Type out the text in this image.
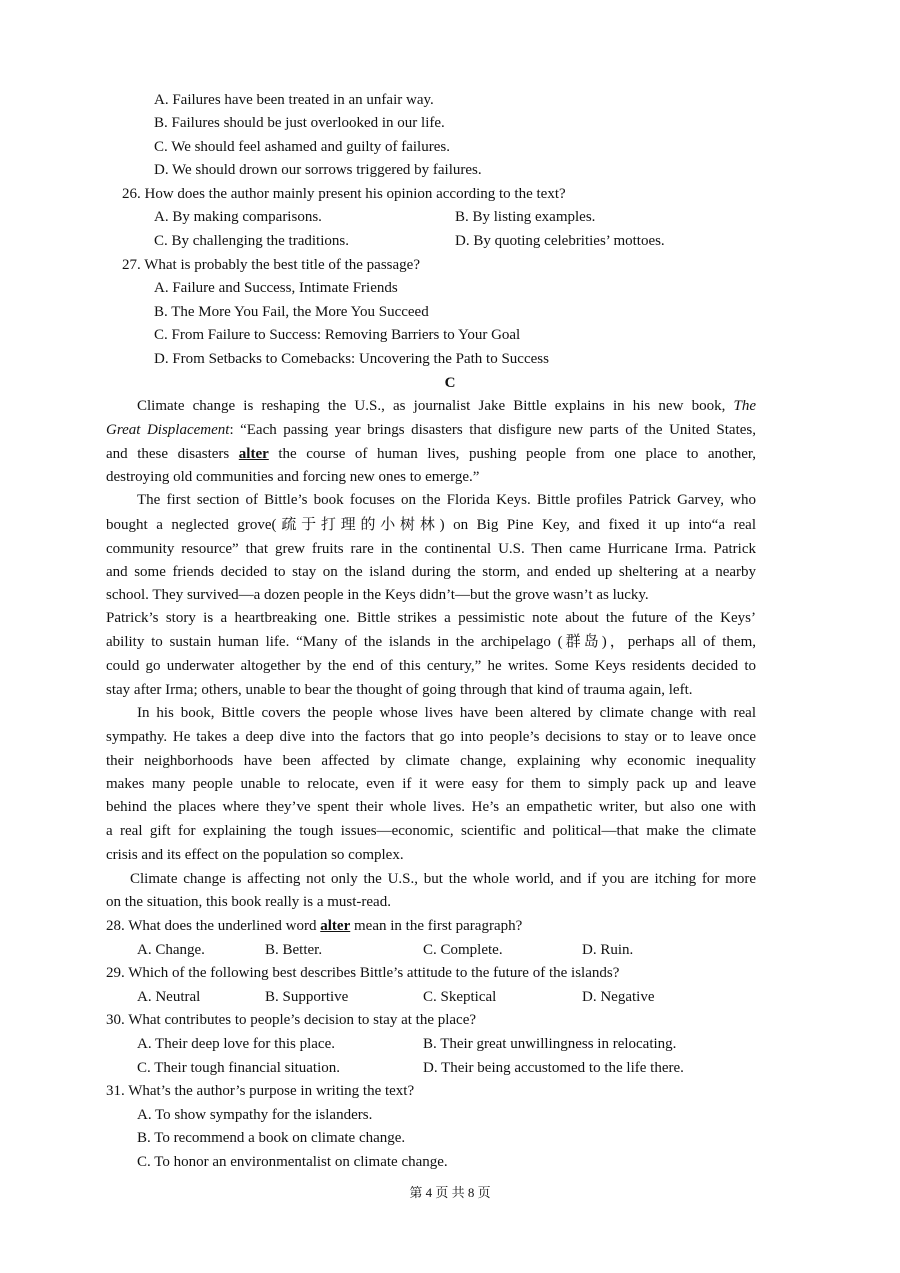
A. Failures have been treated in an unfair way.
B. Failures should be just overlooked in our life.
C. We should feel ashamed and guilty of failures.
D. We should drown our sorrows triggered by failures.
26. How does the author mainly present his opinion according to the text?
A. By making comparisons.	B. By listing examples.
C. By challenging the traditions.	D. By quoting celebrities’ mottoes.
27. What is probably the best title of the passage?
A. Failure and Success, Intimate Friends
B. The More You Fail, the More You Succeed
C. From Failure to Success: Removing Barriers to Your Goal
D. From Setbacks to Comebacks: Uncovering the Path to Success
C
Climate change is reshaping the U.S., as journalist Jake Bittle explains in his new book, The
Great Displacement: “Each passing year brings disasters that disfigure new parts of the United States,
and these disasters alter the course of human lives, pushing people from one place to another,
destroying old communities and forcing new ones to emerge.”
The first section of Bittle’s book focuses on the Florida Keys. Bittle profiles Patrick Garvey, who
bought a neglected grove(疏于打理的小树林) on Big Pine Key, and fixed it up into“a real
community resource” that grew fruits rare in the continental U.S. Then came Hurricane Irma. Patrick
and some friends decided to stay on the island during the storm, and ended up sheltering at a nearby
school. They survived—a dozen people in the Keys didn’t—but the grove wasn’t as lucky.
Patrick’s story is a heartbreaking one. Bittle strikes a pessimistic note about the future of the Keys’
ability to sustain human life. “Many of the islands in the archipelago (群岛)，perhaps all of them,
could go underwater altogether by the end of this century,” he writes. Some Keys residents decided to
stay after Irma; others, unable to bear the thought of going through that kind of trauma again, left.
In his book, Bittle covers the people whose lives have been altered by climate change with real
sympathy. He takes a deep dive into the factors that go into people’s decisions to stay or to leave once
their neighborhoods have been affected by climate change, explaining why economic inequality
makes many people unable to relocate, even if it were easy for them to simply pack up and leave
behind the places where they’ve spent their whole lives. He’s an empathetic writer, but also one with
a real gift for explaining the tough issues—economic, scientific and political—that make the climate
crisis and its effect on the population so complex.
Climate change is affecting not only the U.S., but the whole world, and if you are itching for more
on the situation, this book really is a must-read.
28. What does the underlined word alter mean in the first paragraph?
A. Change.	B. Better.	C. Complete.	D. Ruin.
29. Which of the following best describes Bittle’s attitude to the future of the islands?
A. Neutral	B. Supportive	C. Skeptical	D. Negative
30. What contributes to people’s decision to stay at the place?
A. Their deep love for this place.	B. Their great unwillingness in relocating.
C. Their tough financial situation.	D. Their being accustomed to the life there.
31. What’s the author’s purpose in writing the text?
A. To show sympathy for the islanders.
B. To recommend a book on climate change.
C. To honor an environmentalist on climate change.
第 4 页 共 8 页
